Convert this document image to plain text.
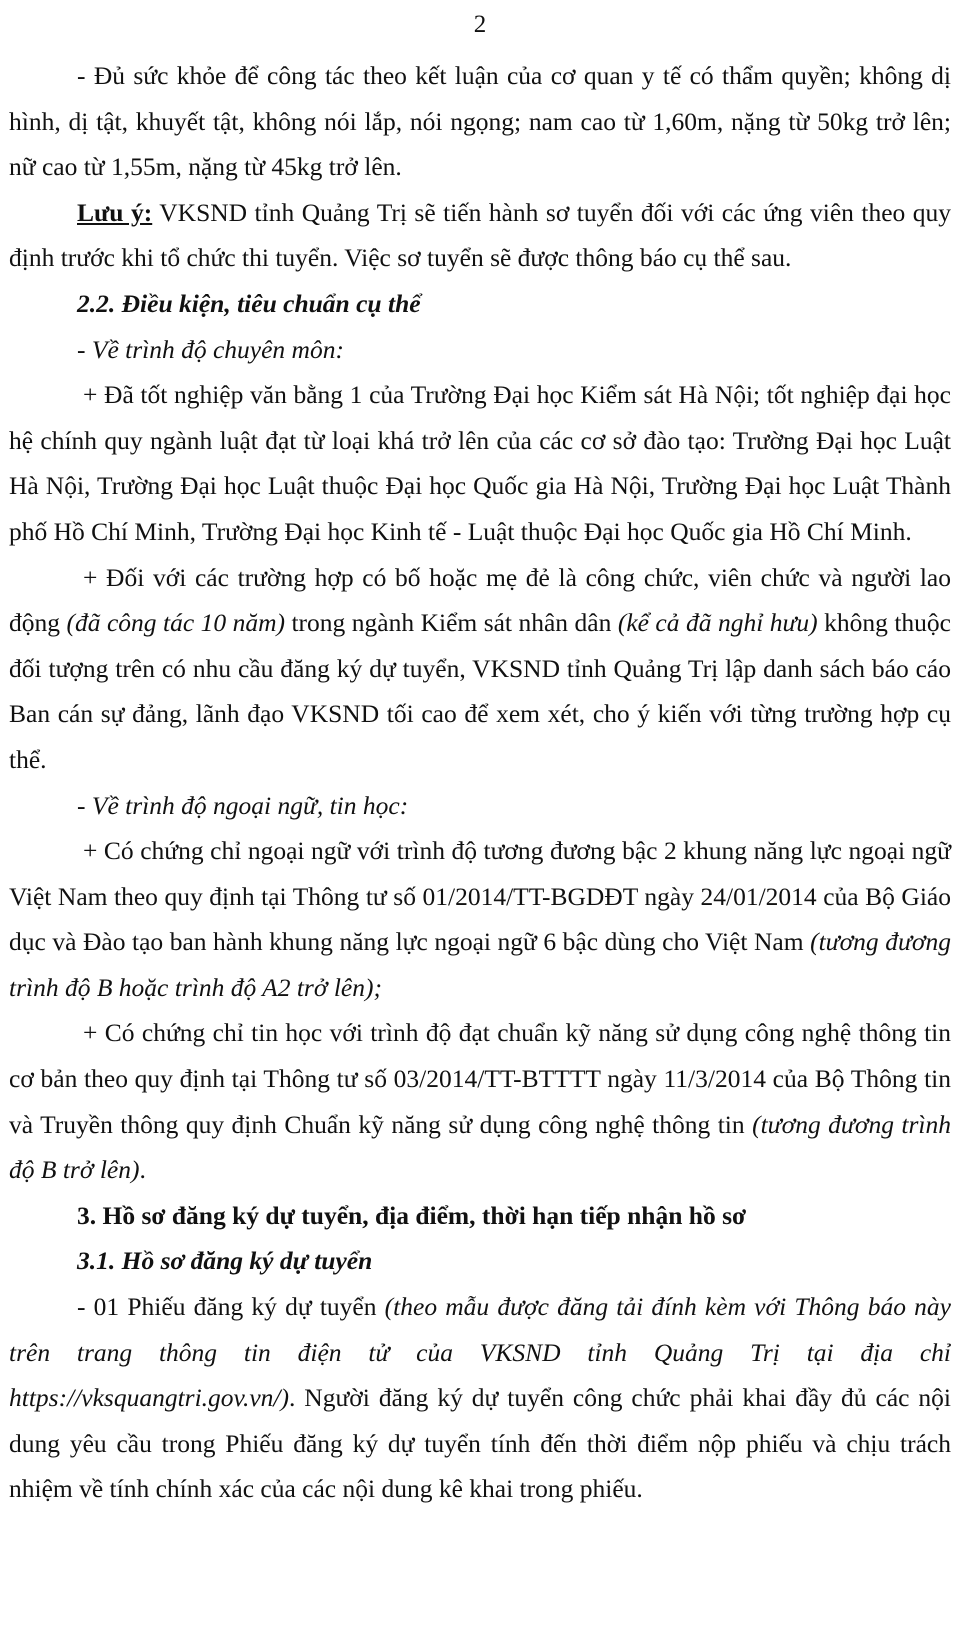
2

- Đủ sức khỏe để công tác theo kết luận của cơ quan y tế có thẩm quyền; không dị hình, dị tật, khuyết tật, không nói lắp, nói ngọng; nam cao từ 1,60m, nặng từ 50kg trở lên; nữ cao từ 1,55m, nặng từ 45kg trở lên.

Lưu ý: VKSND tỉnh Quảng Trị sẽ tiến hành sơ tuyển đối với các ứng viên theo quy định trước khi tổ chức thi tuyển. Việc sơ tuyển sẽ được thông báo cụ thể sau.

2.2. Điều kiện, tiêu chuẩn cụ thể

- Về trình độ chuyên môn:

+ Đã tốt nghiệp văn bằng 1 của Trường Đại học Kiểm sát Hà Nội; tốt nghiệp đại học hệ chính quy ngành luật đạt từ loại khá trở lên của các cơ sở đào tạo: Trường Đại học Luật Hà Nội, Trường Đại học Luật thuộc Đại học Quốc gia Hà Nội, Trường Đại học Luật Thành phố Hồ Chí Minh, Trường Đại học Kinh tế - Luật thuộc Đại học Quốc gia Hồ Chí Minh.

+ Đối với các trường hợp có bố hoặc mẹ đẻ là công chức, viên chức và người lao động (đã công tác 10 năm) trong ngành Kiểm sát nhân dân (kể cả đã nghỉ hưu) không thuộc đối tượng trên có nhu cầu đăng ký dự tuyển, VKSND tỉnh Quảng Trị lập danh sách báo cáo Ban cán sự đảng, lãnh đạo VKSND tối cao để xem xét, cho ý kiến với từng trường hợp cụ thể.

- Về trình độ ngoại ngữ, tin học:

+ Có chứng chỉ ngoại ngữ với trình độ tương đương bậc 2 khung năng lực ngoại ngữ Việt Nam theo quy định tại Thông tư số 01/2014/TT-BGDĐT ngày 24/01/2014 của Bộ Giáo dục và Đào tạo ban hành khung năng lực ngoại ngữ 6 bậc dùng cho Việt Nam (tương đương trình độ B hoặc trình độ A2 trở lên);

+ Có chứng chỉ tin học với trình độ đạt chuẩn kỹ năng sử dụng công nghệ thông tin cơ bản theo quy định tại Thông tư số 03/2014/TT-BTTTT ngày 11/3/2014 của Bộ Thông tin và Truyền thông quy định Chuẩn kỹ năng sử dụng công nghệ thông tin (tương đương trình độ B trở lên).

3. Hồ sơ đăng ký dự tuyển, địa điểm, thời hạn tiếp nhận hồ sơ

3.1. Hồ sơ đăng ký dự tuyển

- 01 Phiếu đăng ký dự tuyển (theo mẫu được đăng tải đính kèm với Thông báo này trên trang thông tin điện tử của VKSND tỉnh Quảng Trị tại địa chỉ https://vksquangtri.gov.vn/). Người đăng ký dự tuyển công chức phải khai đầy đủ các nội dung yêu cầu trong Phiếu đăng ký dự tuyển tính đến thời điểm nộp phiếu và chịu trách nhiệm về tính chính xác của các nội dung kê khai trong phiếu.
